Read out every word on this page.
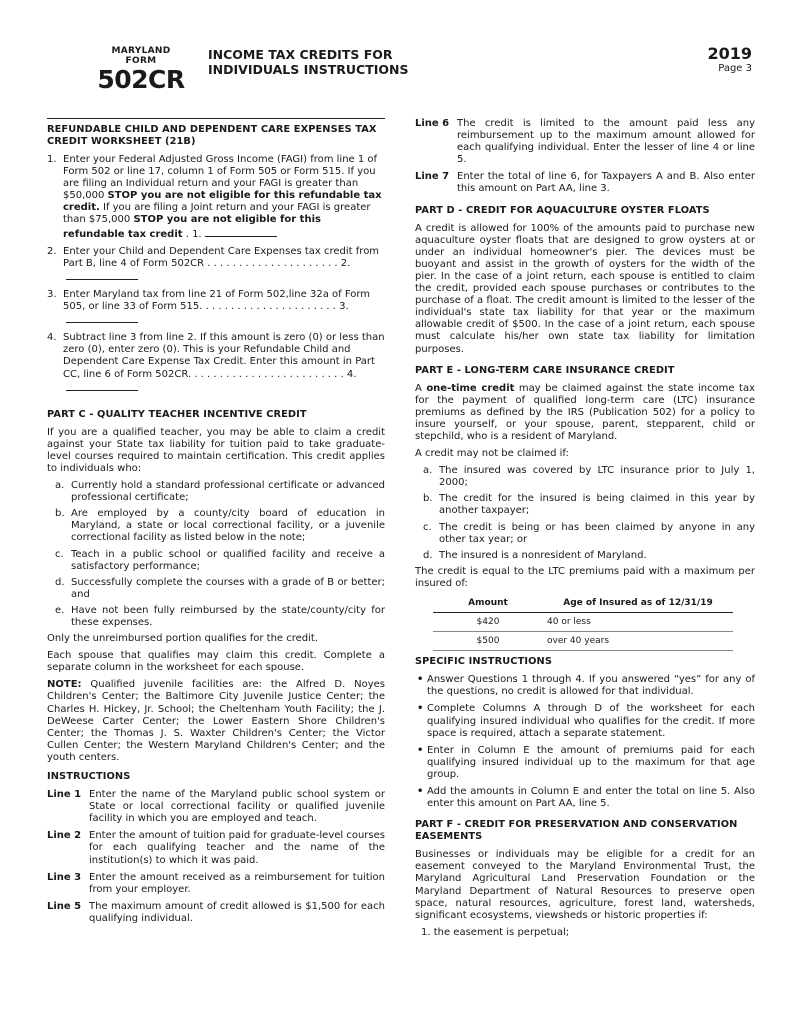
MARYLAND
FORM
502CR
INCOME TAX CREDITS FOR
INDIVIDUALS INSTRUCTIONS
2019
Page 3
REFUNDABLE CHILD AND DEPENDENT CARE EXPENSES TAX CREDIT WORKSHEET (21B)
1. Enter your Federal Adjusted Gross Income (FAGI) from line 1 of Form 502 or line 17, column 1 of Form 505 or Form 515. If you are filing an Individual return and your FAGI is greater than $50,000 STOP you are not eligible for this refundable tax credit. If you are filing a Joint return and your FAGI is greater than $75,000 STOP you are not eligible for this refundable tax credit . 1.
2. Enter your Child and Dependent Care Expenses tax credit from Part B, line 4 of Form 502CR . . . . . . . . . . . . . . . . . . . . . 2.
3. Enter Maryland tax from line 21 of Form 502,line 32a of Form 505, or line 33 of Form 515. . . . . . . . . . . . . . . . . . . . . . 3.
4. Subtract line 3 from line 2. If this amount is zero (0) or less than zero (0), enter zero (0). This is your Refundable Child and Dependent Care Expense Tax Credit. Enter this amount in Part CC, line 6 of Form 502CR. . . . . . . . . . . . . . . . . . . . . . . . . 4.
PART C - QUALITY TEACHER INCENTIVE CREDIT

If you are a qualified teacher, you may be able to claim a credit against your State tax liability for tuition paid to take graduate-level courses required to maintain certification. This credit applies to individuals who:

a. Currently hold a standard professional certificate or advanced professional certificate;
b. Are employed by a county/city board of education in Maryland, a state or local correctional facility, or a juvenile correctional facility as listed below in the note;
c. Teach in a public school or qualified facility and receive a satisfactory performance;
d. Successfully complete the courses with a grade of B or better; and
e. Have not been fully reimbursed by the state/county/city for these expenses.

Only the unreimbursed portion qualifies for the credit.

Each spouse that qualifies may claim this credit. Complete a separate column in the worksheet for each spouse.

NOTE: Qualified juvenile facilities are: the Alfred D. Noyes Children's Center; the Baltimore City Juvenile Justice Center; the Charles H. Hickey, Jr. School; the Cheltenham Youth Facility; the J. DeWeese Carter Center; the Lower Eastern Shore Children's Center; the Thomas J. S. Waxter Children's Center; the Victor Cullen Center; the Western Maryland Children's Center; and the youth centers.

INSTRUCTIONS
Line 1 Enter the name of the Maryland public school system or State or local correctional facility or qualified juvenile facility in which you are employed and teach.
Line 2 Enter the amount of tuition paid for graduate-level courses for each qualifying teacher and the name of the institution(s) to which it was paid.
Line 3 Enter the amount received as a reimbursement for tuition from your employer.
Line 5 The maximum amount of credit allowed is $1,500 for each qualifying individual.
Line 6 The credit is limited to the amount paid less any reimbursement up to the maximum amount allowed for each qualifying individual. Enter the lesser of line 4 or line 5.
Line 7 Enter the total of line 6, for Taxpayers A and B. Also enter this amount on Part AA, line 3.
PART D - CREDIT FOR AQUACULTURE OYSTER FLOATS

A credit is allowed for 100% of the amounts paid to purchase new aquaculture oyster floats that are designed to grow oysters at or under an individual homeowner's pier. The devices must be buoyant and assist in the growth of oysters for the width of the pier. In the case of a joint return, each spouse is entitled to claim the credit, provided each spouse purchases or contributes to the purchase of a float. The credit amount is limited to the lesser of the individual's state tax liability for that year or the maximum allowable credit of $500. In the case of a joint return, each spouse must calculate his/her own state tax liability for limitation purposes.

PART E - LONG-TERM CARE INSURANCE CREDIT

A one-time credit may be claimed against the state income tax for the payment of qualified long-term care (LTC) insurance premiums as defined by the IRS (Publication 502) for a policy to insure yourself, or your spouse, parent, stepparent, child or stepchild, who is a resident of Maryland.

A credit may not be claimed if:

a. The insured was covered by LTC insurance prior to July 1, 2000;
b. The credit for the insured is being claimed in this year by another taxpayer;
c. The credit is being or has been claimed by anyone in any other tax year; or
d. The insured is a nonresident of Maryland.

The credit is equal to the LTC premiums paid with a maximum per insured of:

Amount	Age of Insured as of 12/31/19
$420	40 or less
$500	over 40 years
SPECIFIC INSTRUCTIONS
• Answer Questions 1 through 4. If you answered “yes” for any of the questions, no credit is allowed for that individual.
• Complete Columns A through D of the worksheet for each qualifying insured individual who qualifies for the credit. If more space is required, attach a separate statement.
• Enter in Column E the amount of premiums paid for each qualifying insured individual up to the maximum for that age group.
• Add the amounts in Column E and enter the total on line 5. Also enter this amount on Part AA, line 5.
PART F - CREDIT FOR PRESERVATION AND CONSERVATION EASEMENTS

Businesses or individuals may be eligible for a credit for an easement conveyed to the Maryland Environmental Trust, the Maryland Agricultural Land Preservation Foundation or the Maryland Department of Natural Resources to preserve open space, natural resources, agriculture, forest land, watersheds, significant ecosystems, viewsheds or historic properties if:

1. the easement is perpetual;
